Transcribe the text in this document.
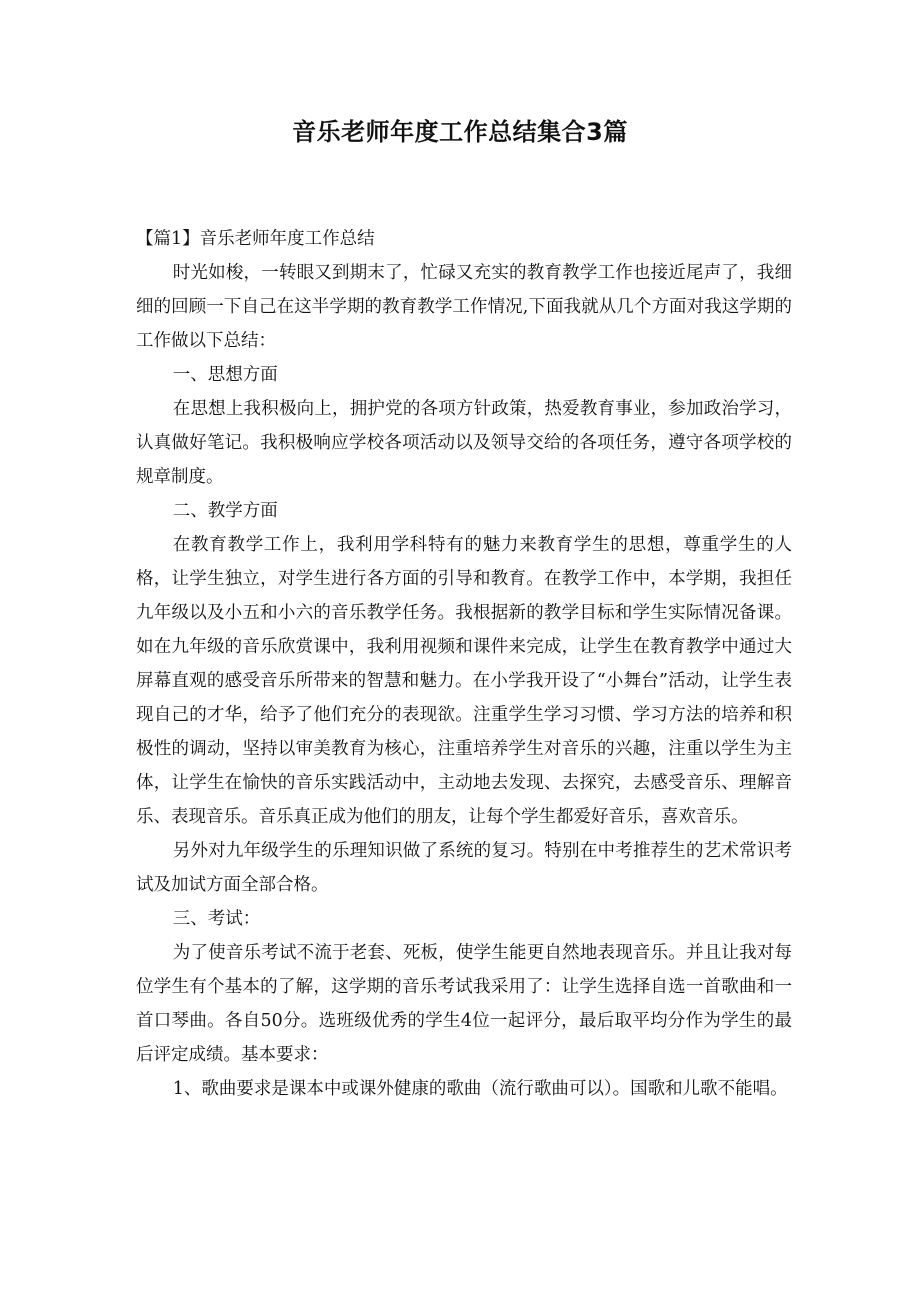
音乐老师年度工作总结集合3篇

【篇1】音乐老师年度工作总结

时光如梭，一转眼又到期末了，忙碌又充实的教育教学工作也接近尾声了，我细细的回顾一下自己在这半学期的教育教学工作情况,下面我就从几个方面对我这学期的工作做以下总结：

一、思想方面

在思想上我积极向上，拥护党的各项方针政策，热爱教育事业，参加政治学习，认真做好笔记。我积极响应学校各项活动以及领导交给的各项任务，遵守各项学校的规章制度。

二、教学方面

在教育教学工作上，我利用学科特有的魅力来教育学生的思想，尊重学生的人格，让学生独立，对学生进行各方面的引导和教育。在教学工作中，本学期，我担任九年级以及小五和小六的音乐教学任务。我根据新的教学目标和学生实际情况备课。如在九年级的音乐欣赏课中，我利用视频和课件来完成，让学生在教育教学中通过大屏幕直观的感受音乐所带来的智慧和魅力。在小学我开设了“小舞台”活动，让学生表现自己的才华，给予了他们充分的表现欲。注重学生学习习惯、学习方法的培养和积极性的调动，坚持以审美教育为核心，注重培养学生对音乐的兴趣，注重以学生为主体，让学生在愉快的音乐实践活动中，主动地去发现、去探究，去感受音乐、理解音乐、表现音乐。音乐真正成为他们的朋友，让每个学生都爱好音乐，喜欢音乐。

另外对九年级学生的乐理知识做了系统的复习。特别在中考推荐生的艺术常识考试及加试方面全部合格。

三、考试：

为了使音乐考试不流于老套、死板，使学生能更自然地表现音乐。并且让我对每位学生有个基本的了解，这学期的音乐考试我采用了：让学生选择自选一首歌曲和一首口琴曲。各自50分。选班级优秀的学生4位一起评分，最后取平均分作为学生的最后评定成绩。基本要求：

1、歌曲要求是课本中或课外健康的歌曲（流行歌曲可以）。国歌和儿歌不能唱。
